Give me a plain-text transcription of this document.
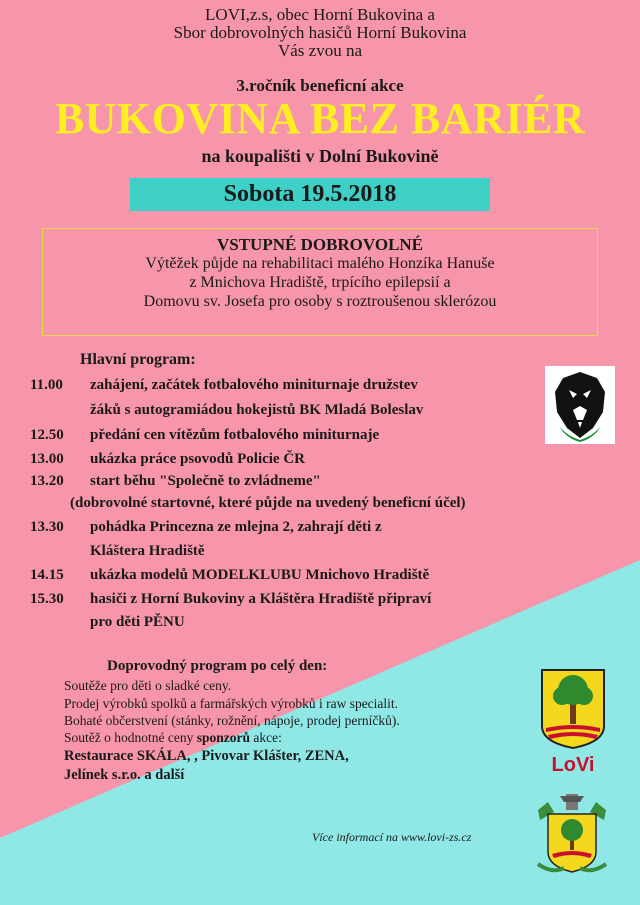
LOVI,z.s, obec Horní Bukovina a
Sbor dobrovolných hasičů Horní Bukovina
Vás zvou na
3.ročník beneficní akce
BUKOVINA BEZ BARIÉR
na koupališti v Dolní Bukovině
Sobota 19.5.2018
VSTUPNÉ DOBROVOLNÉ
Výtěžek půjde na rehabilitaci malého Honzíka Hanuše
z Mnichova Hradiště, trpícího epilepsií a
Domovu sv. Josefa pro osoby s roztroušenou sklerózou
Hlavní program:
11.00 zahájení, začátek fotbalového miniturnaje družstev
žáků s autogramiádou hokejistů BK Mladá Boleslav
12.50 předání cen vítězům fotbalového miniturnaje
13.00 ukázka práce psovodů Policie ČR
13.20 start běhu "Společně to zvládneme"
(dobrovolné startovné, které půjde na uvedený beneficní účel)
13.30 pohádka Princezna ze mlejna 2, zahrají děti z
Kláštera Hradiště
14.15 ukázka modelů MODELKLUBU Mnichovo Hradiště
15.30 hasiči z Horní Bukoviny a Kláštěra Hradiště připraví
pro děti PĚNU
Doprovodný program po celý den:
Soutěže pro děti o sladké ceny.
Prodej výrobků spolků a farmářských výrobků i raw specialit.
Bohaté občerstvení (stánky, rožnění, nápoje, prodej perníčků).
Soutěž o hodnotné ceny sponzorů akce:
Restaurace SKÁLA, , Pivovar Klášter, ZENA,
Jelínek s.r.o. a další
Více informací na www.lovi-zs.cz
LoVi
